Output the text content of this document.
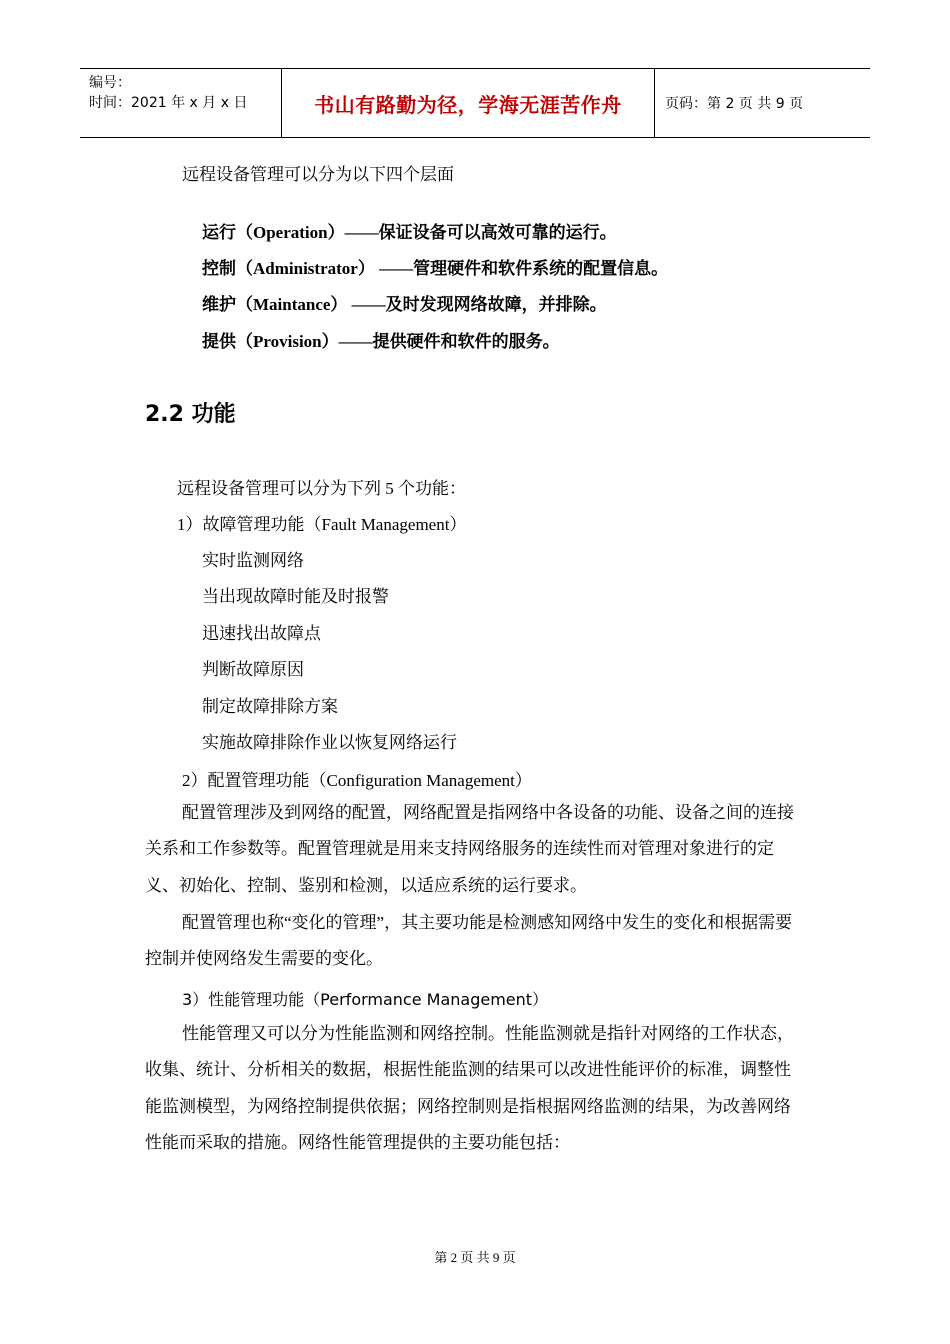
编号：
时间：2021 年 x 月 x 日	书山有路勤为径，学海无涯苦作舟	页码：第 2 页 共 9 页
远程设备管理可以分为以下四个层面
运行（Operation）——保证设备可以高效可靠的运行。
控制（Administrator） ——管理硬件和软件系统的配置信息。
维护（Maintance） ——及时发现网络故障，并排除。
提供（Provision）——提供硬件和软件的服务。
2.2 功能
远程设备管理可以分为下列 5 个功能：
1）故障管理功能（Fault Management）
实时监测网络
当出现故障时能及时报警
迅速找出故障点
判断故障原因
制定故障排除方案
实施故障排除作业以恢复网络运行
2）配置管理功能（Configuration Management）
配置管理涉及到网络的配置，网络配置是指网络中各设备的功能、设备之间的连接关系和工作参数等。配置管理就是用来支持网络服务的连续性而对管理对象进行的定义、初始化、控制、鉴别和检测，以适应系统的运行要求。
配置管理也称“变化的管理”，其主要功能是检测感知网络中发生的变化和根据需要控制并使网络发生需要的变化。
3）性能管理功能（Performance Management）
性能管理又可以分为性能监测和网络控制。性能监测就是指针对网络的工作状态，收集、统计、分析相关的数据，根据性能监测的结果可以改进性能评价的标准，调整性能监测模型，为网络控制提供依据；网络控制则是指根据网络监测的结果，为改善网络性能而采取的措施。网络性能管理提供的主要功能包括：
第 2 页 共 9 页
